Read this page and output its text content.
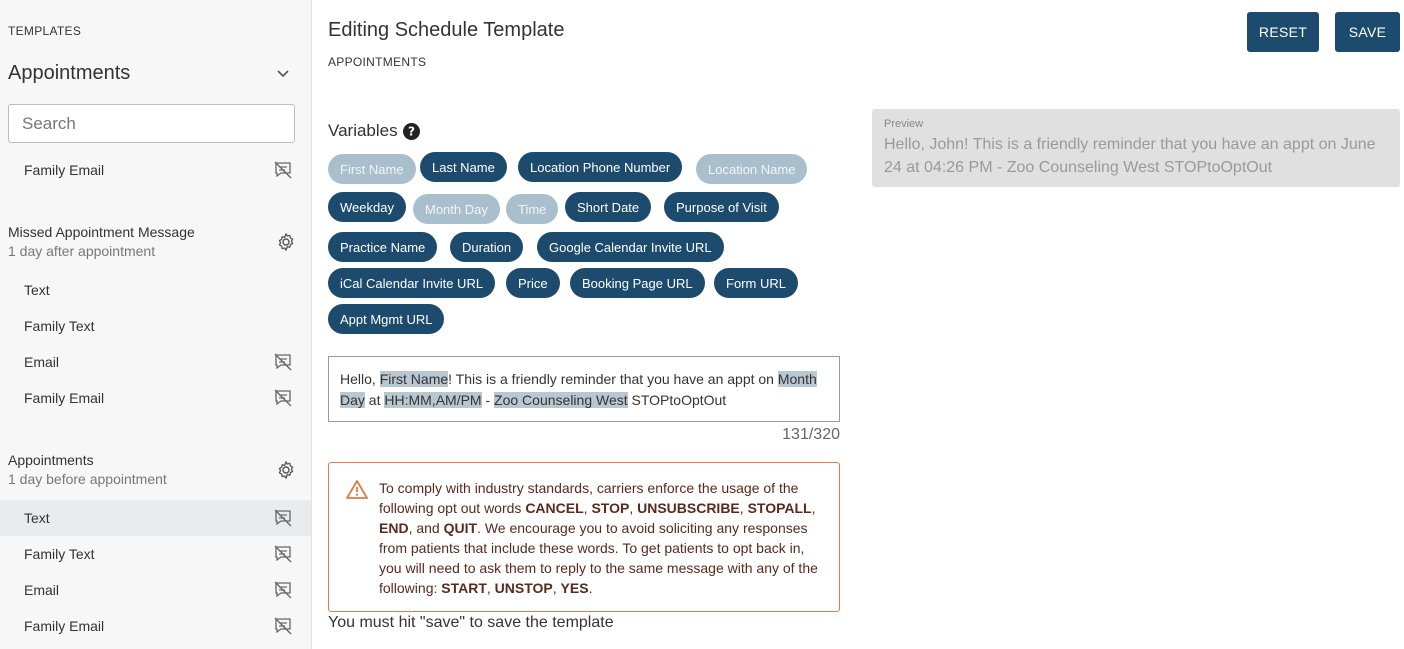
TEMPLATES
Appointments
Search
Family Email
Missed Appointment Message
1 day after appointment
Text
Family Text
Email
Family Email
Appointments
1 day before appointment
Text
Family Text
Email
Family Email
Editing Schedule Template
APPOINTMENTS
RESET	SAVE
Variables ?
First Name	Last Name	Location Phone Number	Location Name
Weekday	Month Day	Time	Short Date	Purpose of Visit
Practice Name	Duration	Google Calendar Invite URL
iCal Calendar Invite URL	Price	Booking Page URL	Form URL
Appt Mgmt URL
Hello, First Name! This is a friendly reminder that you have an appt on Month Day at HH:MM,AM/PM - Zoo Counseling West STOPtoOptOut
131/320
To comply with industry standards, carriers enforce the usage of the following opt out words CANCEL, STOP, UNSUBSCRIBE, STOPALL, END, and QUIT. We encourage you to avoid soliciting any responses from patients that include these words. To get patients to opt back in, you will need to ask them to reply to the same message with any of the following: START, UNSTOP, YES.
You must hit "save" to save the template
Preview
Hello, John! This is a friendly reminder that you have an appt on June 24 at 04:26 PM - Zoo Counseling West STOPtoOptOut
